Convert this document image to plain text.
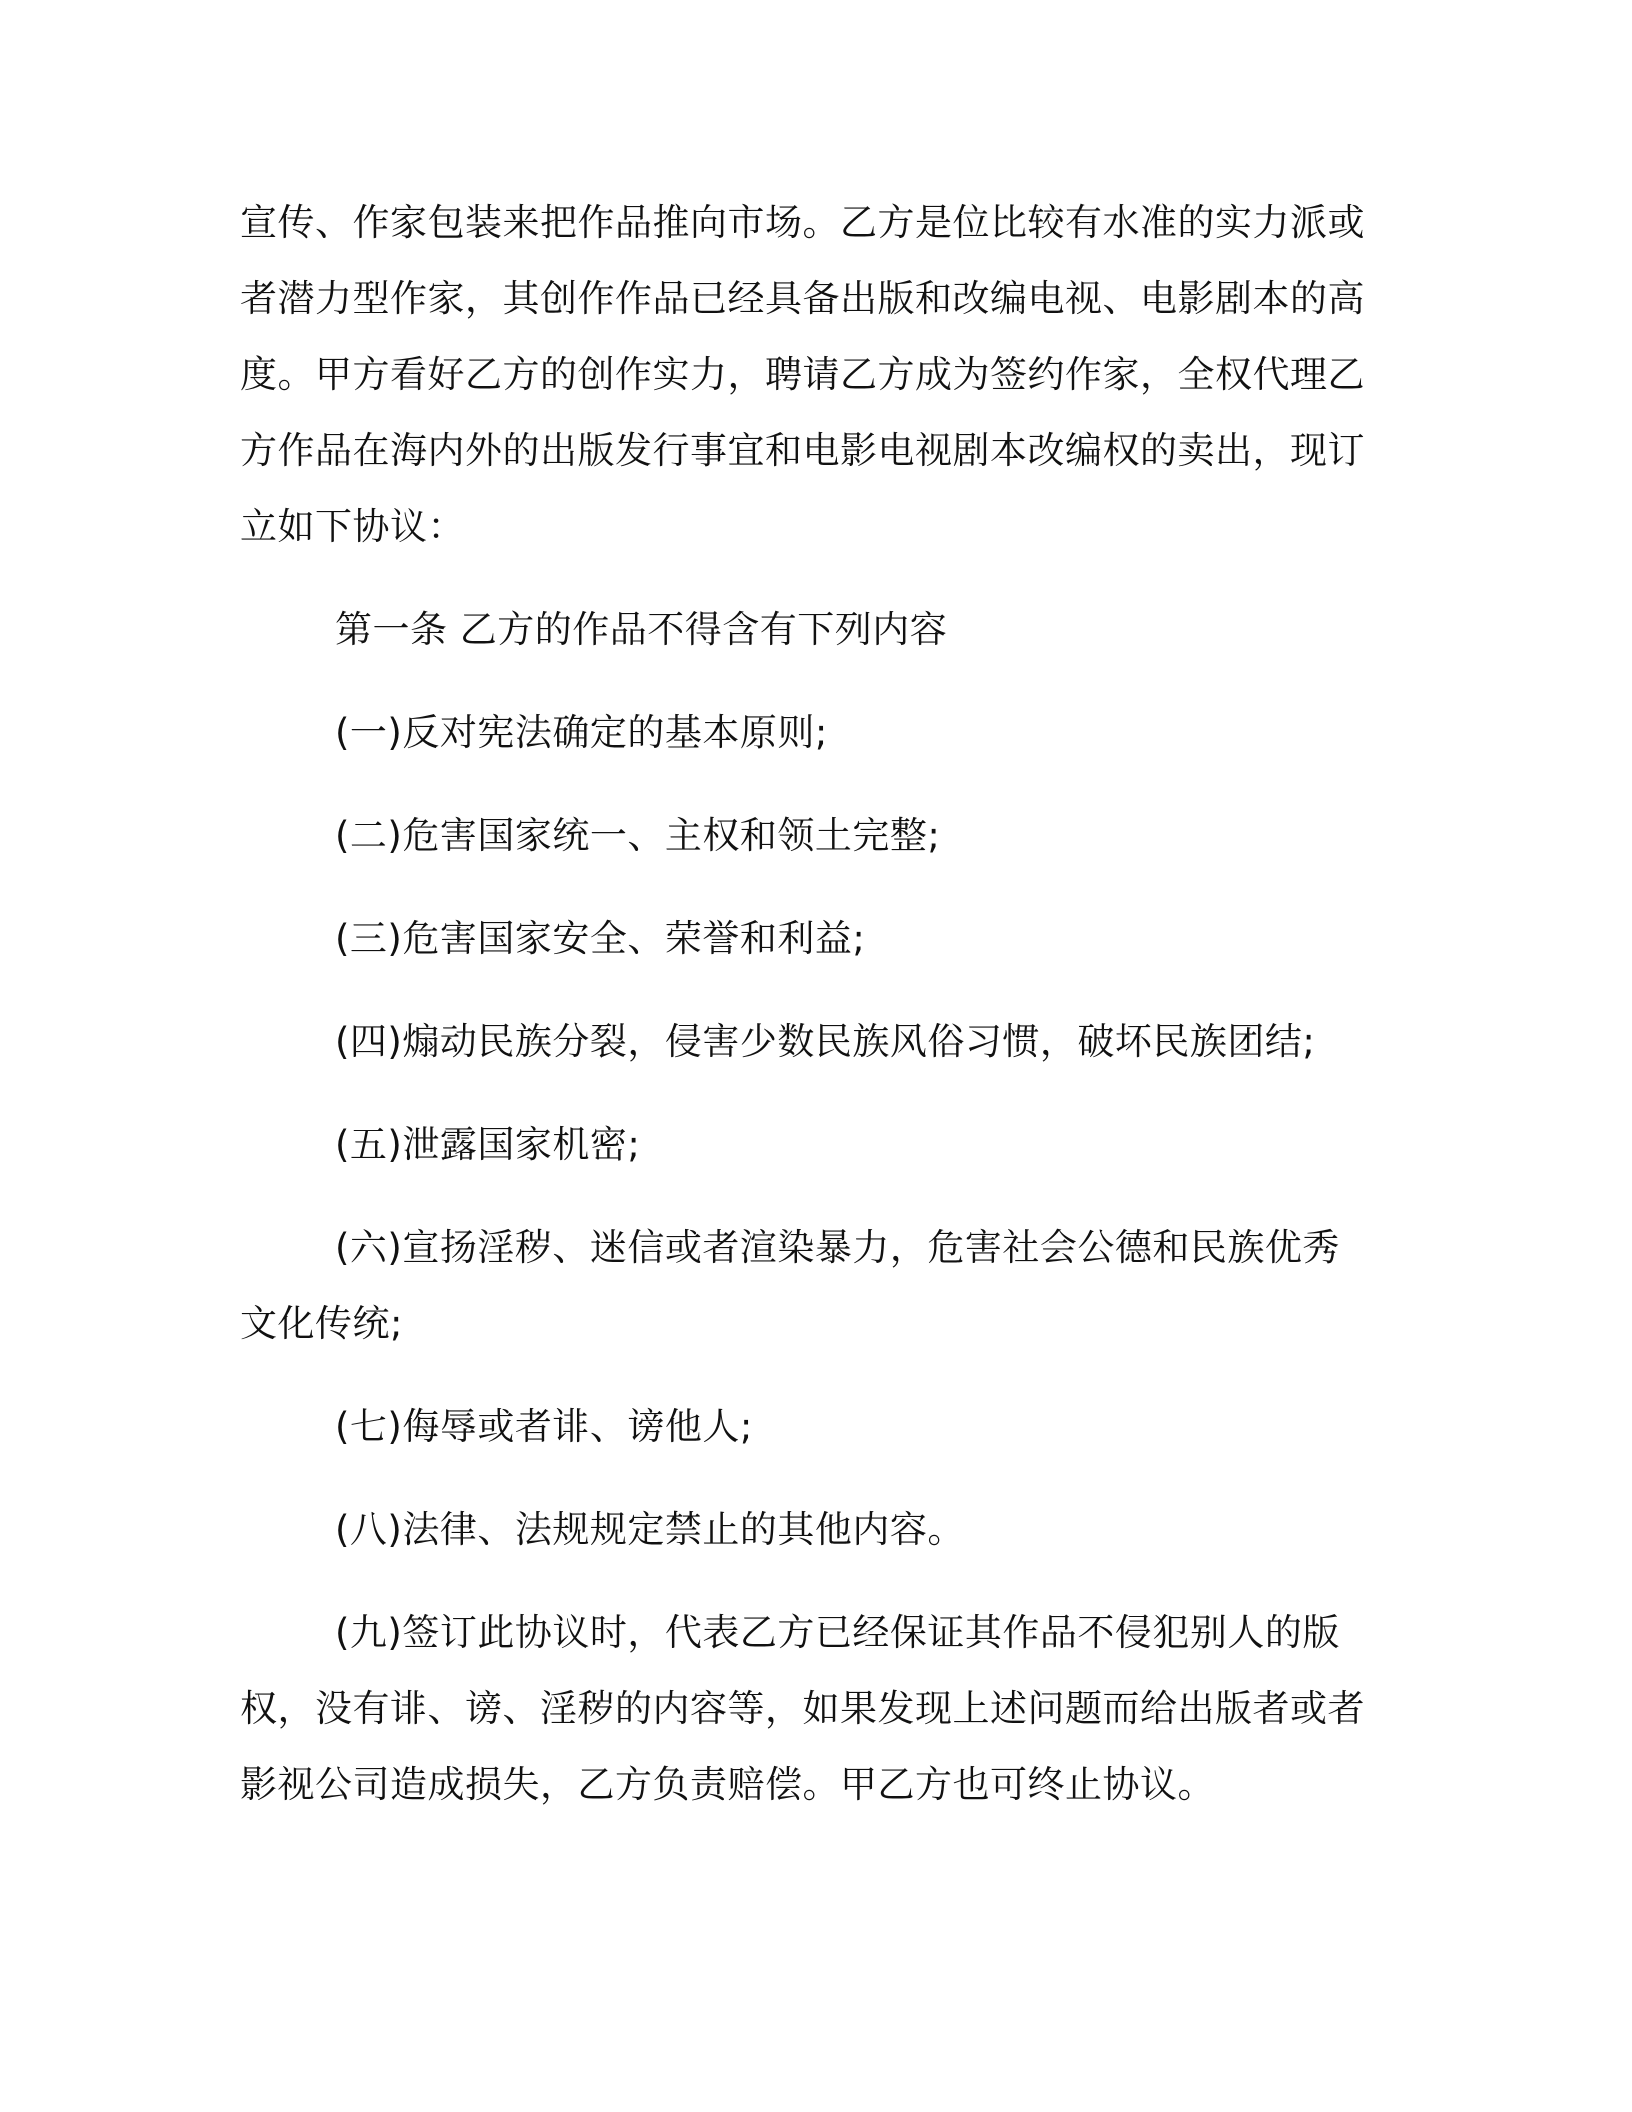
宣传、作家包装来把作品推向市场。乙方是位比较有水准的实力派或

者潜力型作家，其创作作品已经具备出版和改编电视、电影剧本的高

度。甲方看好乙方的创作实力，聘请乙方成为签约作家，全权代理乙

方作品在海内外的出版发行事宜和电影电视剧本改编权的卖出，现订

立如下协议：

第一条 乙方的作品不得含有下列内容

(一)反对宪法确定的基本原则;

(二)危害国家统一、主权和领土完整;

(三)危害国家安全、荣誉和利益;

(四)煽动民族分裂，侵害少数民族风俗习惯，破坏民族团结;

(五)泄露国家机密;

(六)宣扬淫秽、迷信或者渲染暴力，危害社会公德和民族优秀文化传统;

(七)侮辱或者诽、谤他人;

(八)法律、法规规定禁止的其他内容。

(九)签订此协议时，代表乙方已经保证其作品不侵犯别人的版权，没有诽、谤、淫秽的内容等，如果发现上述问题而给出版者或者影视公司造成损失，乙方负责赔偿。甲乙方也可终止协议。
